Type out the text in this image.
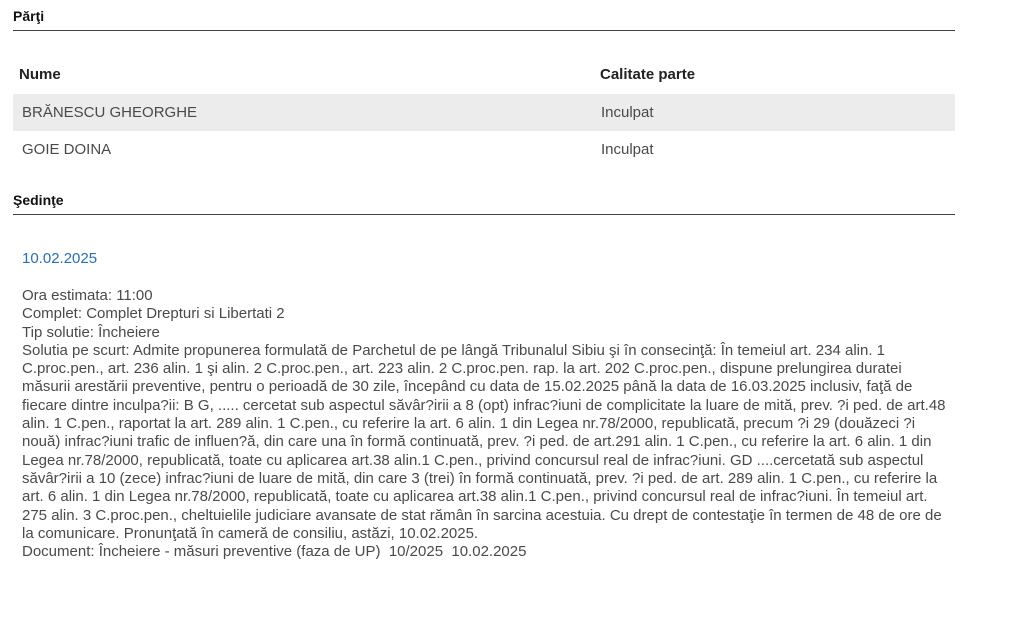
Părţi
Nume	Calitate parte
BRĂNESCU GHEORGHE	Inculpat
GOIE DOINA	Inculpat
Şedinţe
10.02.2025
Ora estimata: 11:00
Complet: Complet Drepturi si Libertati 2
Tip solutie: Încheiere
Solutia pe scurt: Admite propunerea formulată de Parchetul de pe lângă Tribunalul Sibiu şi în consecinţă: În temeiul art. 234 alin. 1 C.proc.pen., art. 236 alin. 1 şi alin. 2 C.proc.pen., art. 223 alin. 2 C.proc.pen. rap. la art. 202 C.proc.pen., dispune prelungirea duratei măsurii arestării preventive, pentru o perioadă de 30 zile, începând cu data de 15.02.2025 până la data de 16.03.2025 inclusiv, faţă de fiecare dintre inculpa?ii: B G, ..... cercetat sub aspectul săvâr?irii a 8 (opt) infrac?iuni de complicitate la luare de mită, prev. ?i ped. de art.48 alin. 1 C.pen., raportat la art. 289 alin. 1 C.pen., cu referire la art. 6 alin. 1 din Legea nr.78/2000, republicată, precum ?i 29 (douăzeci ?i nouă) infrac?iuni trafic de influen?ă, din care una în formă continuată, prev. ?i ped. de art.291 alin. 1 C.pen., cu referire la art. 6 alin. 1 din Legea nr.78/2000, republicată, toate cu aplicarea art.38 alin.1 C.pen., privind concursul real de infrac?iuni. GD ....cercetată sub aspectul săvâr?irii a 10 (zece) infrac?iuni de luare de mită, din care 3 (trei) în formă continuată, prev. ?i ped. de art. 289 alin. 1 C.pen., cu referire la art. 6 alin. 1 din Legea nr.78/2000, republicată, toate cu aplicarea art.38 alin.1 C.pen., privind concursul real de infrac?iuni. În temeiul art. 275 alin. 3 C.proc.pen., cheltuielile judiciare avansate de stat rămân în sarcina acestuia. Cu drept de contestaţie în termen de 48 de ore de la comunicare. Pronunţată în cameră de consiliu, astăzi, 10.02.2025.
Document: Încheiere - măsuri preventive (faza de UP)  10/2025  10.02.2025
